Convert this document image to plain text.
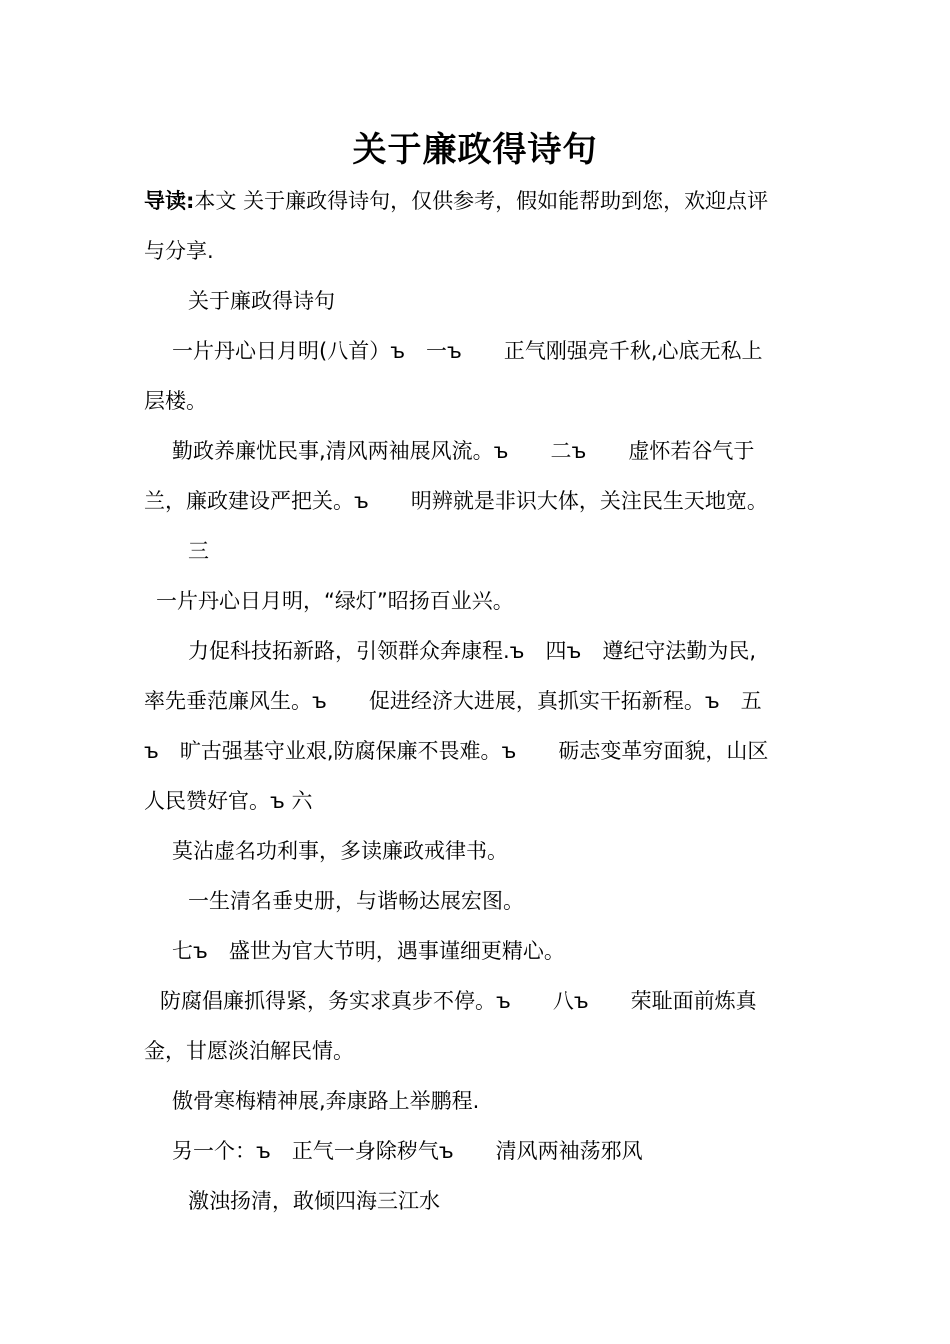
关于廉政得诗句
导读:本文 关于廉政得诗句，仅供参考，假如能帮助到您，欢迎点评
与分享.
关于廉政得诗句
一片丹心日月明(八首）ъ　一ъ　　正气刚强亮千秋,心底无私上
层楼。
勤政养廉忧民事,清风两袖展风流。ъ　　二ъ　　虚怀若谷气于
兰，廉政建设严把关。ъ　　明辨就是非识大体，关注民生天地宽。
三
一片丹心日月明，“绿灯”昭扬百业兴。
力促科技拓新路，引领群众奔康程.ъ　四ъ　遵纪守法勤为民,
率先垂范廉风生。ъ　　促进经济大进展，真抓实干拓新程。ъ　五
ъ　旷古强基守业艰,防腐保廉不畏难。ъ　　砺志变革穷面貌，山区
人民赞好官。ъ 六
莫沾虚名功利事，多读廉政戒律书。
一生清名垂史册，与谐畅达展宏图。
七ъ　盛世为官大节明，遇事谨细更精心。
防腐倡廉抓得紧，务实求真步不停。ъ　　八ъ　　荣耻面前炼真
金，甘愿淡泊解民情。
傲骨寒梅精神展,奔康路上举鹏程.
另一个：ъ　正气一身除秽气ъ　　清风两袖荡邪风
激浊扬清，敢倾四海三江水
